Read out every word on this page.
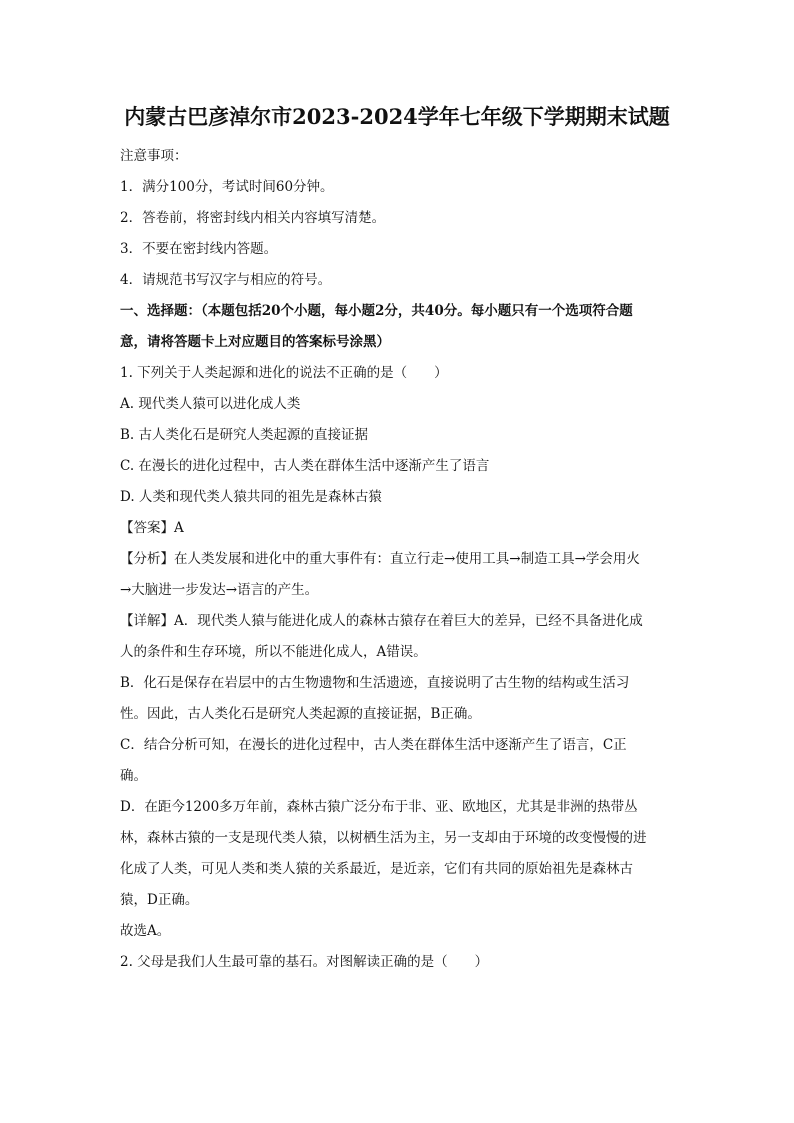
内蒙古巴彦淖尔市2023-2024学年七年级下学期期末试题
注意事项：
1．满分100分，考试时间60分钟。
2．答卷前，将密封线内相关内容填写清楚。
3．不要在密封线内答题。
4．请规范书写汉字与相应的符号。
一、选择题：（本题包括20个小题，每小题2分，共40分。每小题只有一个选项符合题
意，请将答题卡上对应题目的答案标号涂黑）
1. 下列关于人类起源和进化的说法不正确的是（　　）
A. 现代类人猿可以进化成人类
B. 古人类化石是研究人类起源的直接证据
C. 在漫长的进化过程中，古人类在群体生活中逐渐产生了语言
D. 人类和现代类人猿共同的祖先是森林古猿
【答案】A
【分析】在人类发展和进化中的重大事件有：直立行走→使用工具→制造工具→学会用火
→大脑进一步发达→语言的产生。
【详解】A．现代类人猿与能进化成人的森林古猿存在着巨大的差异，已经不具备进化成
人的条件和生存环境，所以不能进化成人，A错误。
B．化石是保存在岩层中的古生物遗物和生活遗迹，直接说明了古生物的结构或生活习
性。因此，古人类化石是研究人类起源的直接证据，B正确。
C．结合分析可知，在漫长的进化过程中，古人类在群体生活中逐渐产生了语言，C正
确。
D．在距今1200多万年前，森林古猿广泛分布于非、亚、欧地区，尤其是非洲的热带丛
林，森林古猿的一支是现代类人猿，以树栖生活为主，另一支却由于环境的改变慢慢的进
化成了人类，可见人类和类人猿的关系最近，是近亲，它们有共同的原始祖先是森林古
猿，D正确。
故选A。
2. 父母是我们人生最可靠的基石。对图解读正确的是（　　）
